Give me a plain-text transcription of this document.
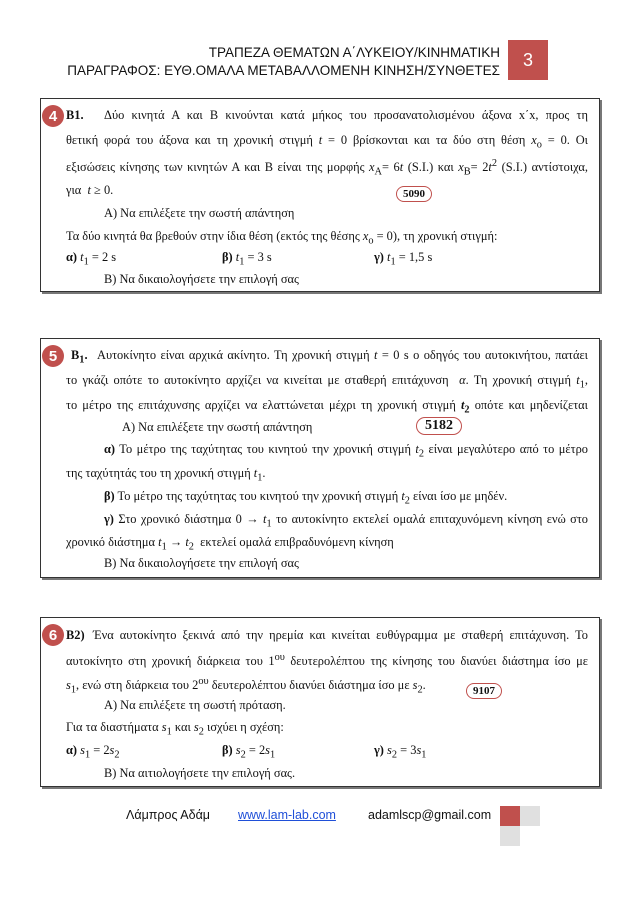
ΤΡΑΠΕΖΑ ΘΕΜΑΤΩΝ Α΄ΛΥΚΕΙΟΥ/ΚΙΝΗΜΑΤΙΚΗ
ΠΑΡΑΓΡΑΦΟΣ: ΕΥΘ.ΟΜΑΛΑ ΜΕΤΑΒΑΛΛΟΜΕΝΗ ΚΙΝΗΣΗ/ΣΥΝΘΕΤΕΣ
3
4 Β1. Δύο κινητά Α και Β κινούνται κατά μήκος του προσανατολισμένου άξονα x΄x, προς τη
θετική φορά του άξονα και τη χρονική στιγμή t = 0 βρίσκονται και τα δύο στη θέση $x_o = 0$. Οι
εξισώσεις κίνησης των κινητών Α και Β είναι της μορφής $x_A= 6t$ (S.I.) και $x_B= 2t^2$ (S.I.) αντίστοιχα,
για  t ≥ 0.	5090
Α) Να επιλέξετε την σωστή απάντηση
Τα δύο κινητά θα βρεθούν στην ίδια θέση (εκτός της θέσης $x_o = 0$), τη χρονική στιγμή:
α) $t_1 = 2$ s	β) $t_1 = 3$ s	γ) $t_1 = 1,5$ s
Β) Να δικαιολογήσετε την επιλογή σας
5	$B_1$. Αυτοκίνητο είναι αρχικά ακίνητο. Τη χρονική στιγμή t = 0 s ο οδηγός του αυτοκινήτου, πατάει
το γκάζι οπότε το αυτοκίνητο αρχίζει να κινείται με σταθερή επιτάχυνση  α. Τη χρονική στιγμή $t_1$,
το μέτρο της επιτάχυνσης αρχίζει να ελαττώνεται μέχρι τη χρονική στιγμή $t_2$ οπότε και μηδενίζεται
Α) Να επιλέξετε την σωστή απάντηση	5182
α) Το μέτρο της ταχύτητας του κινητού την χρονική στιγμή $t_2$ είναι μεγαλύτερο από το μέτρο
της ταχύτητάς του τη χρονική στιγμή $t_1$.
β) Το μέτρο της ταχύτητας του κινητού την χρονική στιγμή $t_2$ είναι ίσο με μηδέν.
γ) Στο χρονικό διάστημα $0 \to t_1$ το αυτοκίνητο εκτελεί ομαλά επιταχυνόμενη κίνηση ενώ στο
χρονικό διάστημα $t_1 \to t_2$  εκτελεί ομαλά επιβραδυνόμενη κίνηση
Β) Να δικαιολογήσετε την επιλογή σας
6 Β2) Ένα αυτοκίνητο ξεκινά από την ηρεμία και κινείται ευθύγραμμα με σταθερή επιτάχυνση. Το
αυτοκίνητο στη χρονική διάρκεια του $1^{o\upsilon}$ δευτερολέπτου της κίνησης του διανύει διάστημα ίσο με
$s_1$, ενώ στη διάρκεια του $2^{o\upsilon}$ δευτερολέπτου διανύει διάστημα ίσο με $s_2$.	9107
Α) Να επιλέξετε τη σωστή πρόταση.
Για τα διαστήματα $s_1$ και $s_2$ ισχύει η σχέση:
α) $s_1 = 2s_2$	β) $s_2 = 2s_1$	γ) $s_2 = 3s_1$
Β) Να αιτιολογήσετε την επιλογή σας.
Λάμπρος Αδάμ www.lam-lab.com	adamlscp@gmail.com
